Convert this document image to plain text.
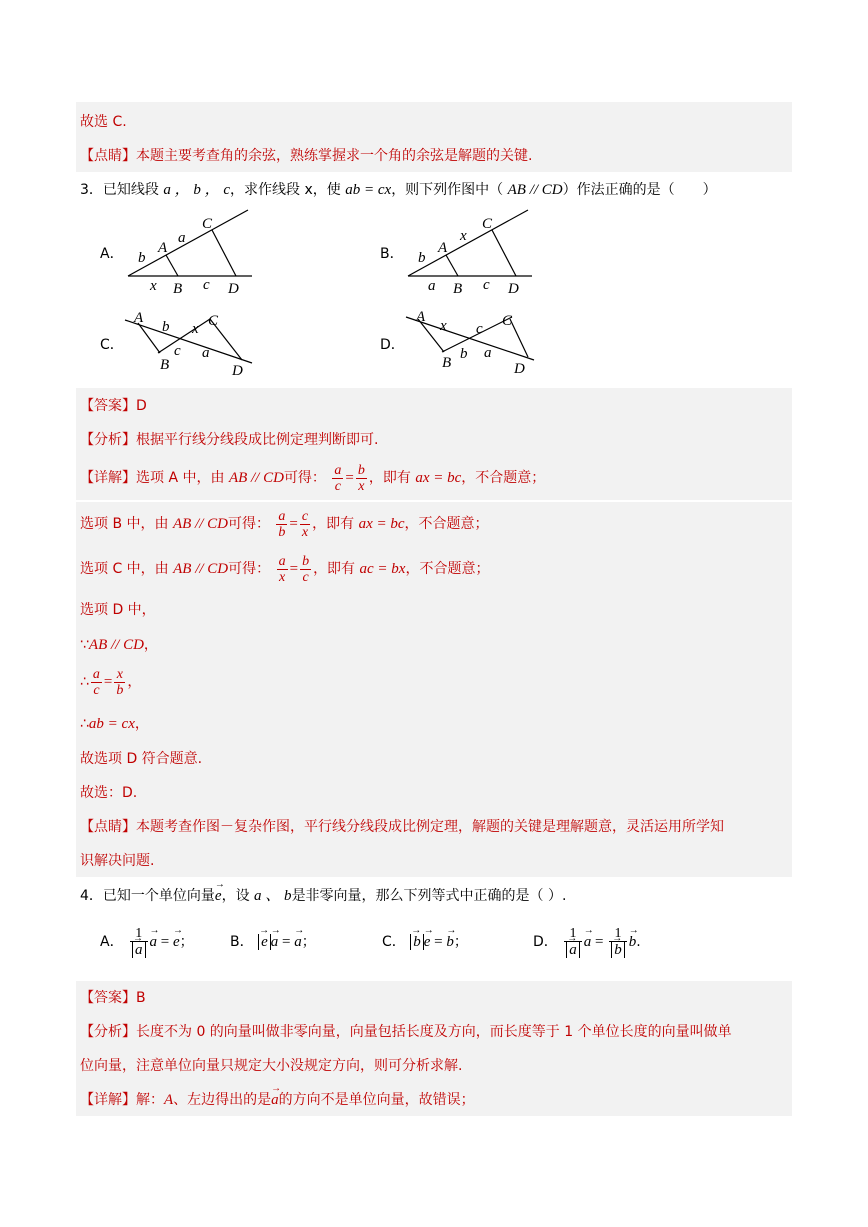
故选 C.
【点睛】本题主要考查角的余弦，熟练掌握求一个角的余弦是解题的关键.
3．已知线段 a ， b ， c，求作线段 x，使 ab = cx，则下列作图中（ AB // CD）作法正确的是（　　）
A． A
C
B	D
b
a
x	c
B． A
C
B	D
b
x
a	c
C．
A	C
B	D
b x
c a	D．
A	C
B	D
x c
b a
【答案】D
【分析】根据平行线分线段成比例定理判断即可.
【详解】选项 A 中，由 AB // CD可得： $\frac{a}{c} = \frac{b}{x}$ ，即有 ax = bc，不合题意；
选项 B 中，由 AB // CD可得： $\frac{a}{b} = \frac{c}{x}$ ，即有 ax = bc，不合题意；
选项 C 中，由 AB // CD可得： $\frac{a}{x} = \frac{b}{c}$ ，即有 ac = bx，不合题意；
选项 D 中，
∵AB // CD，
∴ $\frac{a}{c} = \frac{x}{b}$ ，
∴ab = cx，
故选项 D 符合题意.
故选：D.
【点睛】本题考查作图－复杂作图，平行线分线段成比例定理，解题的关键是理解题意，灵活运用所学知
识解决问题.
4．已知一个单位向量→ e，设 a 、 b是非零向量，那么下列等式中正确的是（ ）.
A． 1
→ a → a = → e；	B． → e → a = → a；	C． → b → e = → b；	D． 1
→ a → a = 1
→ b → b.
【答案】B
【分析】长度不为 0 的向量叫做非零向量，向量包括长度及方向，而长度等于 1 个单位长度的向量叫做单
位向量，注意单位向量只规定大小没规定方向，则可分析求解.
【详解】解：A、左边得出的是→ a的方向不是单位向量，故错误；
